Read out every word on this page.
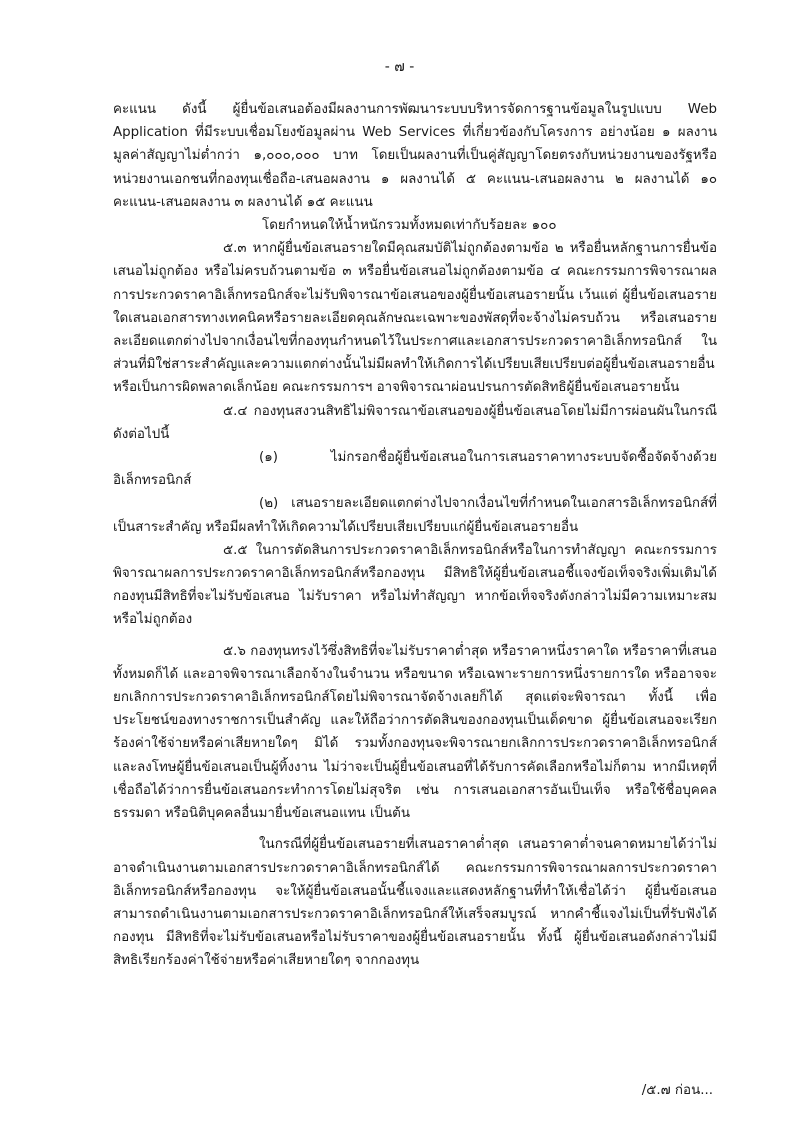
- ๗ -

คะแนน ดังนี้ ผู้ยื่นข้อเสนอต้องมีผลงานการพัฒนาระบบบริหารจัดการฐานข้อมูลในรูปแบบ Web Application ที่มีระบบเชื่อมโยงข้อมูลผ่าน Web Services ที่เกี่ยวข้องกับโครงการ อย่างน้อย ๑ ผลงานมูลค่าสัญญาไม่ต่ำกว่า ๑,๐๐๐,๐๐๐ บาท โดยเป็นผลงานที่เป็นคู่สัญญาโดยตรงกับหน่วยงานของรัฐหรือหน่วยงานเอกชนที่กองทุนเชื่อถือ-เสนอผลงาน ๑ ผลงานได้ ๕ คะแนน-เสนอผลงาน ๒ ผลงานได้ ๑๐ คะแนน-เสนอผลงาน ๓ ผลงานได้ ๑๕ คะแนน

โดยกำหนดให้น้ำหนักรวมทั้งหมดเท่ากับร้อยละ ๑๐๐

๕.๓ หากผู้ยื่นข้อเสนอรายใดมีคุณสมบัติไม่ถูกต้องตามข้อ ๒ หรือยื่นหลักฐานการยื่นข้อเสนอไม่ถูกต้อง หรือไม่ครบถ้วนตามข้อ ๓ หรือยื่นข้อเสนอไม่ถูกต้องตามข้อ ๔ คณะกรรมการพิจารณาผลการประกวดราคาอิเล็กทรอนิกส์จะไม่รับพิจารณาข้อเสนอของผู้ยื่นข้อเสนอรายนั้น เว้นแต่ ผู้ยื่นข้อเสนอรายใดเสนอเอกสารทางเทคนิคหรือรายละเอียดคุณลักษณะเฉพาะของพัสดุที่จะจ้างไม่ครบถ้วน หรือเสนอรายละเอียดแตกต่างไปจากเงื่อนไขที่กองทุนกำหนดไว้ในประกาศและเอกสารประกวดราคาอิเล็กทรอนิกส์ ในส่วนที่มิใช่สาระสำคัญและความแตกต่างนั้นไม่มีผลทำให้เกิดการได้เปรียบเสียเปรียบต่อผู้ยื่นข้อเสนอรายอื่นหรือเป็นการผิดพลาดเล็กน้อย คณะกรรมการฯ อาจพิจารณาผ่อนปรนการตัดสิทธิผู้ยื่นข้อเสนอรายนั้น

๕.๔ กองทุนสงวนสิทธิไม่พิจารณาข้อเสนอของผู้ยื่นข้อเสนอโดยไม่มีการผ่อนผันในกรณีดังต่อไปนี้

(๑) ไม่กรอกชื่อผู้ยื่นข้อเสนอในการเสนอราคาทางระบบจัดซื้อจัดจ้างด้วยอิเล็กทรอนิกส์

(๒) เสนอรายละเอียดแตกต่างไปจากเงื่อนไขที่กำหนดในเอกสารอิเล็กทรอนิกส์ที่เป็นสาระสำคัญ หรือมีผลทำให้เกิดความได้เปรียบเสียเปรียบแก่ผู้ยื่นข้อเสนอรายอื่น

๕.๕ ในการตัดสินการประกวดราคาอิเล็กทรอนิกส์หรือในการทำสัญญา คณะกรรมการพิจารณาผลการประกวดราคาอิเล็กทรอนิกส์หรือกองทุน มีสิทธิให้ผู้ยื่นข้อเสนอชี้แจงข้อเท็จจริงเพิ่มเติมได้ กองทุนมีสิทธิที่จะไม่รับข้อเสนอ ไม่รับราคา หรือไม่ทำสัญญา หากข้อเท็จจริงดังกล่าวไม่มีความเหมาะสมหรือไม่ถูกต้อง

๕.๖ กองทุนทรงไว้ซึ่งสิทธิที่จะไม่รับราคาต่ำสุด หรือราคาหนึ่งราคาใด หรือราคาที่เสนอทั้งหมดก็ได้ และอาจพิจารณาเลือกจ้างในจำนวน หรือขนาด หรือเฉพาะรายการหนึ่งรายการใด หรืออาจจะยกเลิกการประกวดราคาอิเล็กทรอนิกส์โดยไม่พิจารณาจัดจ้างเลยก็ได้ สุดแต่จะพิจารณา ทั้งนี้ เพื่อประโยชน์ของทางราชการเป็นสำคัญ และให้ถือว่าการตัดสินของกองทุนเป็นเด็ดขาด ผู้ยื่นข้อเสนอจะเรียกร้องค่าใช้จ่ายหรือค่าเสียหายใดๆ มิได้ รวมทั้งกองทุนจะพิจารณายกเลิกการประกวดราคาอิเล็กทรอนิกส์และลงโทษผู้ยื่นข้อเสนอเป็นผู้ทิ้งงาน ไม่ว่าจะเป็นผู้ยื่นข้อเสนอที่ได้รับการคัดเลือกหรือไม่ก็ตาม หากมีเหตุที่เชื่อถือได้ว่าการยื่นข้อเสนอกระทำการโดยไม่สุจริต เช่น การเสนอเอกสารอันเป็นเท็จ หรือใช้ชื่อบุคคลธรรมดา หรือนิติบุคคลอื่นมายื่นข้อเสนอแทน เป็นต้น

ในกรณีที่ผู้ยื่นข้อเสนอรายที่เสนอราคาต่ำสุด เสนอราคาต่ำจนคาดหมายได้ว่าไม่อาจดำเนินงานตามเอกสารประกวดราคาอิเล็กทรอนิกส์ได้ คณะกรรมการพิจารณาผลการประกวดราคาอิเล็กทรอนิกส์หรือกองทุน จะให้ผู้ยื่นข้อเสนอนั้นชี้แจงและแสดงหลักฐานที่ทำให้เชื่อได้ว่า ผู้ยื่นข้อเสนอสามารถดำเนินงานตามเอกสารประกวดราคาอิเล็กทรอนิกส์ให้เสร็จสมบูรณ์ หากคำชี้แจงไม่เป็นที่รับฟังได้ กองทุน มีสิทธิที่จะไม่รับข้อเสนอหรือไม่รับราคาของผู้ยื่นข้อเสนอรายนั้น ทั้งนี้ ผู้ยื่นข้อเสนอดังกล่าวไม่มีสิทธิเรียกร้องค่าใช้จ่ายหรือค่าเสียหายใดๆ จากกองทุน

/๕.๗ ก่อน...
